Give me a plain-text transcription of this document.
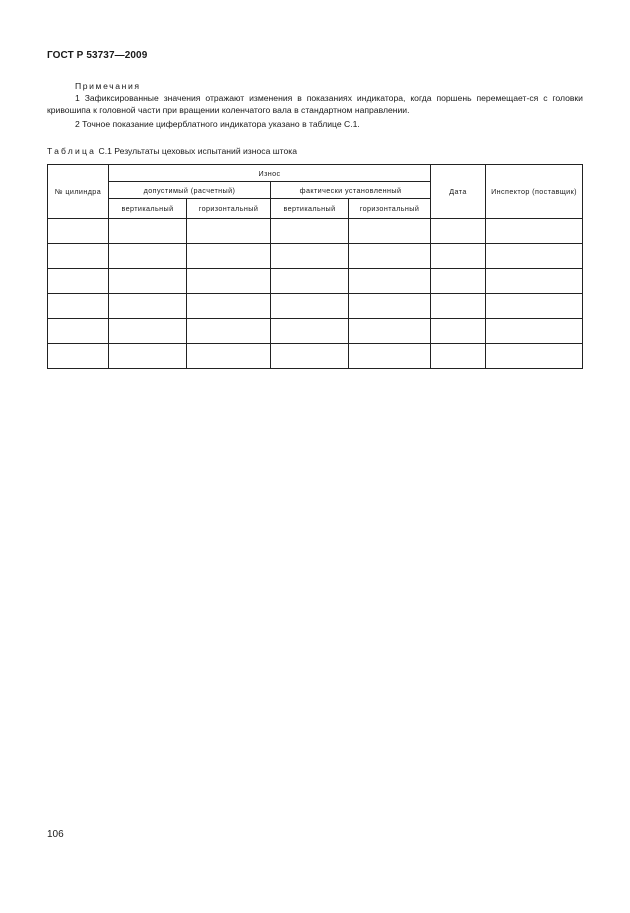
ГОСТ Р 53737—2009
Примечания
1 Зафиксированные значения отражают изменения в показаниях индикатора, когда поршень перемещает-ся с головки кривошипа к головной части при вращении коленчатого вала в стандартном направлении.
2 Точное показание циферблатного индикатора указано в таблице С.1.
Таблица С.1 Результаты цеховых испытаний износа штока
№ цилиндра	Износ				Дата	Инспектор (поставщик)
	допустимый (расчетный)		фактически установленный			
	вертикальный	горизонтальный	вертикальный	горизонтальный		

106
